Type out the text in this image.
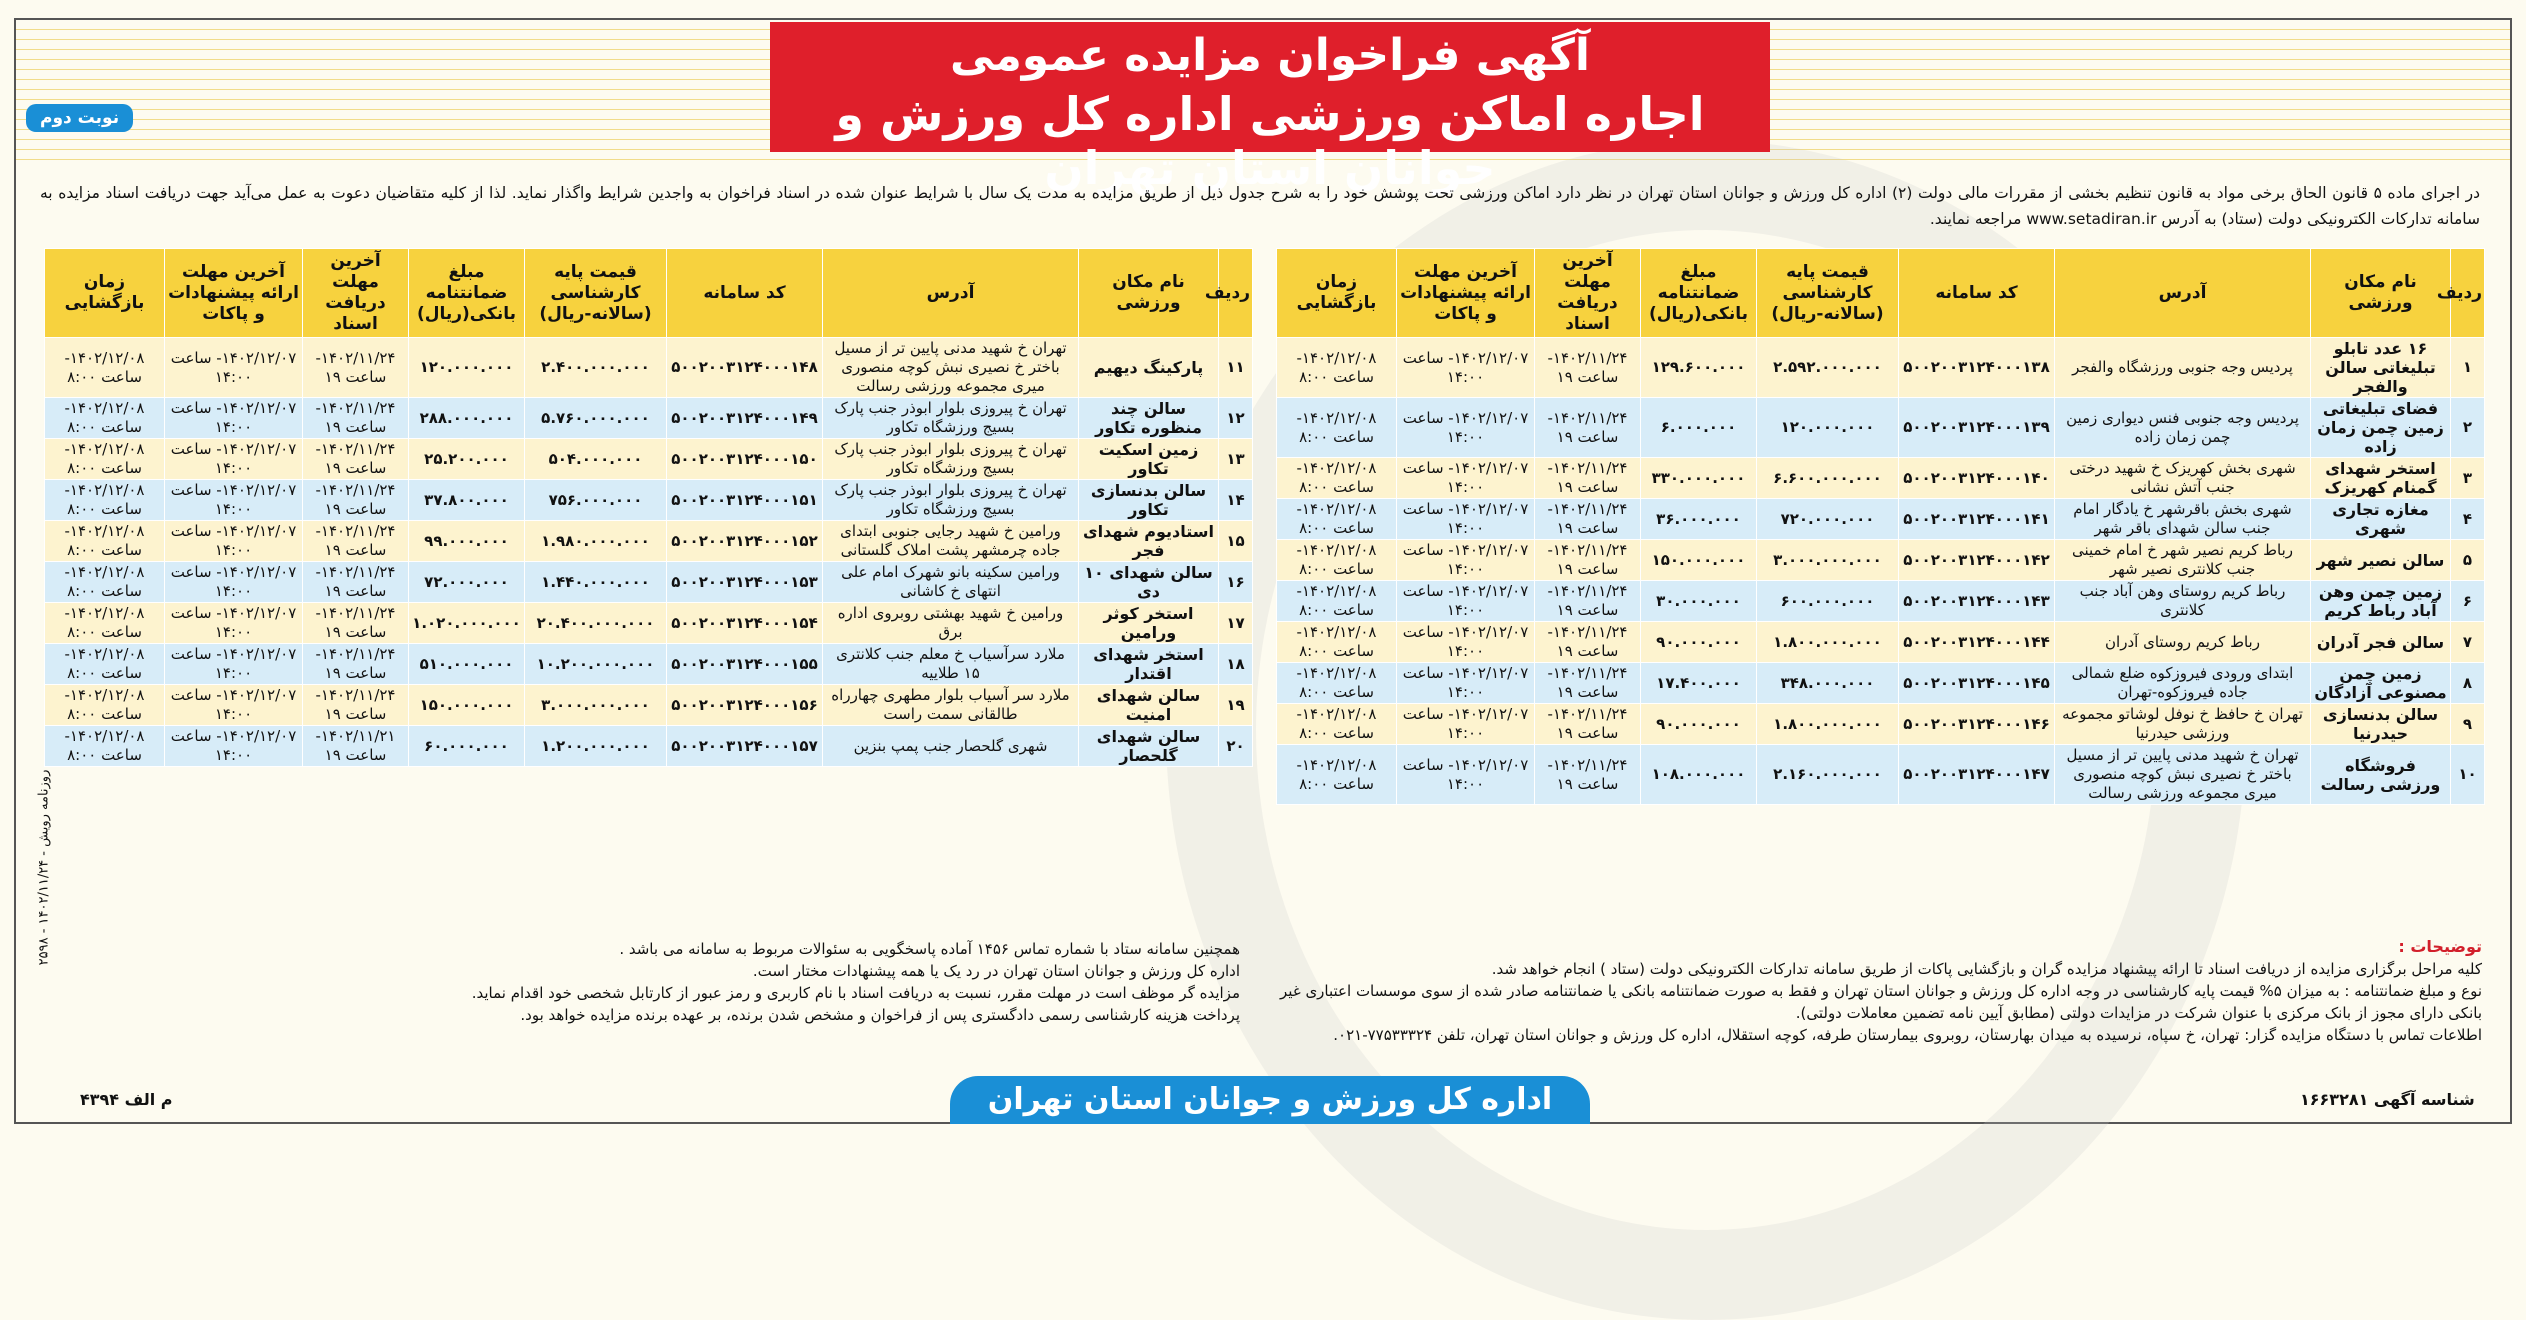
آگهی فراخوان مزایده عمومی
اجاره اماکن ورزشی اداره کل ورزش و جوانان استان تهران
نوبت دوم
در اجرای ماده ۵ قانون الحاق برخی مواد به قانون تنظیم بخشی از مقررات مالی دولت (۲) اداره کل ورزش و جوانان استان تهران در نظر دارد اماکن ورزشی تحت پوشش خود را به شرح جدول ذیل از طریق مزایده به مدت یک سال با شرایط عنوان شده در اسناد فراخوان به واجدین شرایط واگذار نماید. لذا از کلیه متقاضیان دعوت به عمل می‌آید جهت دریافت اسناد مزایده به سامانه تدارکات الکترونیکی دولت (ستاد) به آدرس www.setadiran.ir مراجعه نمایند.
ردیف	نام مکان ورزشی	آدرس	کد سامانه	قیمت پایه کارشناسی (سالانه-ریال)	مبلغ ضمانتنامه بانکی(ریال)	آخرین مهلت دریافت اسناد	آخرین مهلت ارائه پیشنهادات و پاکات	زمان بازگشایی
۱	۱۶ عدد تابلو تبلیغاتی سالن والفجر	پردیس وجه جنوبی ورزشگاه والفجر	۵۰۰۲۰۰۳۱۲۴۰۰۰۱۳۸	۲.۵۹۲.۰۰۰.۰۰۰	۱۲۹.۶۰۰.۰۰۰	۱۴۰۲/۱۱/۲۴- ساعت ۱۹	۱۴۰۲/۱۲/۰۷- ساعت ۱۴:۰۰	۱۴۰۲/۱۲/۰۸- ساعت ۸:۰۰
۲	فضای تبلیغاتی زمین چمن زمان زاده	پردیس وجه جنوبی فنس دیواری زمین چمن زمان زاده	۵۰۰۲۰۰۳۱۲۴۰۰۰۱۳۹	۱۲۰.۰۰۰.۰۰۰	۶.۰۰۰.۰۰۰	۱۴۰۲/۱۱/۲۴- ساعت ۱۹	۱۴۰۲/۱۲/۰۷- ساعت ۱۴:۰۰	۱۴۰۲/۱۲/۰۸- ساعت ۸:۰۰
۳	استخر شهدای گمنام کهریزک	شهری بخش کهریزک خ شهید درختی جنب آتش نشانی	۵۰۰۲۰۰۳۱۲۴۰۰۰۱۴۰	۶.۶۰۰.۰۰۰.۰۰۰	۳۳۰.۰۰۰.۰۰۰	۱۴۰۲/۱۱/۲۴- ساعت ۱۹	۱۴۰۲/۱۲/۰۷- ساعت ۱۴:۰۰	۱۴۰۲/۱۲/۰۸- ساعت ۸:۰۰
۴	مغازه تجاری شهری	شهری بخش باقرشهر خ یادگار امام جنب سالن شهدای باقر شهر	۵۰۰۲۰۰۳۱۲۴۰۰۰۱۴۱	۷۲۰.۰۰۰.۰۰۰	۳۶.۰۰۰.۰۰۰	۱۴۰۲/۱۱/۲۴- ساعت ۱۹	۱۴۰۲/۱۲/۰۷- ساعت ۱۴:۰۰	۱۴۰۲/۱۲/۰۸- ساعت ۸:۰۰
۵	سالن نصیر شهر	رباط کریم نصیر شهر خ امام خمینی جنب کلانتری نصیر شهر	۵۰۰۲۰۰۳۱۲۴۰۰۰۱۴۲	۳.۰۰۰.۰۰۰.۰۰۰	۱۵۰.۰۰۰.۰۰۰	۱۴۰۲/۱۱/۲۴- ساعت ۱۹	۱۴۰۲/۱۲/۰۷- ساعت ۱۴:۰۰	۱۴۰۲/۱۲/۰۸- ساعت ۸:۰۰
۶	زمین چمن وهن آباد رباط کریم	رباط کریم روستای وهن آباد جنب کلانتری	۵۰۰۲۰۰۳۱۲۴۰۰۰۱۴۳	۶۰۰.۰۰۰.۰۰۰	۳۰.۰۰۰.۰۰۰	۱۴۰۲/۱۱/۲۴- ساعت ۱۹	۱۴۰۲/۱۲/۰۷- ساعت ۱۴:۰۰	۱۴۰۲/۱۲/۰۸- ساعت ۸:۰۰
۷	سالن فجر آدران	رباط کریم روستای آدران	۵۰۰۲۰۰۳۱۲۴۰۰۰۱۴۴	۱.۸۰۰.۰۰۰.۰۰۰	۹۰.۰۰۰.۰۰۰	۱۴۰۲/۱۱/۲۴- ساعت ۱۹	۱۴۰۲/۱۲/۰۷- ساعت ۱۴:۰۰	۱۴۰۲/۱۲/۰۸- ساعت ۸:۰۰
۸	زمین چمن مصنوعی آزادگان	ابتدای ورودی فیروزکوه ضلع شمالی جاده فیروزکوه-تهران	۵۰۰۲۰۰۳۱۲۴۰۰۰۱۴۵	۳۴۸.۰۰۰.۰۰۰	۱۷.۴۰۰.۰۰۰	۱۴۰۲/۱۱/۲۴- ساعت ۱۹	۱۴۰۲/۱۲/۰۷- ساعت ۱۴:۰۰	۱۴۰۲/۱۲/۰۸- ساعت ۸:۰۰
۹	سالن بدنسازی حیدرنیا	تهران خ حافظ خ نوفل لوشاتو مجموعه ورزشی حیدرنیا	۵۰۰۲۰۰۳۱۲۴۰۰۰۱۴۶	۱.۸۰۰.۰۰۰.۰۰۰	۹۰.۰۰۰.۰۰۰	۱۴۰۲/۱۱/۲۴- ساعت ۱۹	۱۴۰۲/۱۲/۰۷- ساعت ۱۴:۰۰	۱۴۰۲/۱۲/۰۸- ساعت ۸:۰۰
۱۰	فروشگاه ورزشی رسالت	تهران خ شهید مدنی پایین تر از مسیل باختر خ نصیری نبش کوچه منصوری میری مجموعه ورزشی رسالت	۵۰۰۲۰۰۳۱۲۴۰۰۰۱۴۷	۲.۱۶۰.۰۰۰.۰۰۰	۱۰۸.۰۰۰.۰۰۰	۱۴۰۲/۱۱/۲۴- ساعت ۱۹	۱۴۰۲/۱۲/۰۷- ساعت ۱۴:۰۰	۱۴۰۲/۱۲/۰۸- ساعت ۸:۰۰
ردیف	نام مکان ورزشی	آدرس	کد سامانه	قیمت پایه کارشناسی (سالانه-ریال)	مبلغ ضمانتنامه بانکی(ریال)	آخرین مهلت دریافت اسناد	آخرین مهلت ارائه پیشنهادات و پاکات	زمان بازگشایی
۱۱	پارکینگ دیهیم	تهران خ شهید مدنی پایین تر از مسیل باختر خ نصیری نبش کوچه منصوری میری مجموعه ورزشی رسالت	۵۰۰۲۰۰۳۱۲۴۰۰۰۱۴۸	۲.۴۰۰.۰۰۰.۰۰۰	۱۲۰.۰۰۰.۰۰۰	۱۴۰۲/۱۱/۲۴- ساعت ۱۹	۱۴۰۲/۱۲/۰۷- ساعت ۱۴:۰۰	۱۴۰۲/۱۲/۰۸- ساعت ۸:۰۰
۱۲	سالن چند منظوره تکاور	تهران خ پیروزی بلوار ابوذر جنب پارک بسیج ورزشگاه تکاور	۵۰۰۲۰۰۳۱۲۴۰۰۰۱۴۹	۵.۷۶۰.۰۰۰.۰۰۰	۲۸۸.۰۰۰.۰۰۰	۱۴۰۲/۱۱/۲۴- ساعت ۱۹	۱۴۰۲/۱۲/۰۷- ساعت ۱۴:۰۰	۱۴۰۲/۱۲/۰۸- ساعت ۸:۰۰
۱۳	زمین اسکیت تکاور	تهران خ پیروزی بلوار ابوذر جنب پارک بسیج ورزشگاه تکاور	۵۰۰۲۰۰۳۱۲۴۰۰۰۱۵۰	۵۰۴.۰۰۰.۰۰۰	۲۵.۲۰۰.۰۰۰	۱۴۰۲/۱۱/۲۴- ساعت ۱۹	۱۴۰۲/۱۲/۰۷- ساعت ۱۴:۰۰	۱۴۰۲/۱۲/۰۸- ساعت ۸:۰۰
۱۴	سالن بدنسازی تکاور	تهران خ پیروزی بلوار ابوذر جنب پارک بسیج ورزشگاه تکاور	۵۰۰۲۰۰۳۱۲۴۰۰۰۱۵۱	۷۵۶.۰۰۰.۰۰۰	۳۷.۸۰۰.۰۰۰	۱۴۰۲/۱۱/۲۴- ساعت ۱۹	۱۴۰۲/۱۲/۰۷- ساعت ۱۴:۰۰	۱۴۰۲/۱۲/۰۸- ساعت ۸:۰۰
۱۵	استادیوم شهدای فجر	ورامین خ شهید رجایی جنوبی ابتدای جاده چرمشهر پشت املاک گلستانی	۵۰۰۲۰۰۳۱۲۴۰۰۰۱۵۲	۱.۹۸۰.۰۰۰.۰۰۰	۹۹.۰۰۰.۰۰۰	۱۴۰۲/۱۱/۲۴- ساعت ۱۹	۱۴۰۲/۱۲/۰۷- ساعت ۱۴:۰۰	۱۴۰۲/۱۲/۰۸- ساعت ۸:۰۰
۱۶	سالن شهدای ۱۰ دی	ورامین سکینه بانو شهرک امام علی انتهای خ کاشانی	۵۰۰۲۰۰۳۱۲۴۰۰۰۱۵۳	۱.۴۴۰.۰۰۰.۰۰۰	۷۲.۰۰۰.۰۰۰	۱۴۰۲/۱۱/۲۴- ساعت ۱۹	۱۴۰۲/۱۲/۰۷- ساعت ۱۴:۰۰	۱۴۰۲/۱۲/۰۸- ساعت ۸:۰۰
۱۷	استخر کوثر ورامین	ورامین خ شهید بهشتی روبروی اداره برق	۵۰۰۲۰۰۳۱۲۴۰۰۰۱۵۴	۲۰.۴۰۰.۰۰۰.۰۰۰	۱.۰۲۰.۰۰۰.۰۰۰	۱۴۰۲/۱۱/۲۴- ساعت ۱۹	۱۴۰۲/۱۲/۰۷- ساعت ۱۴:۰۰	۱۴۰۲/۱۲/۰۸- ساعت ۸:۰۰
۱۸	استخر شهدای اقتدار	ملارد سرآسیاب خ معلم جنب کلانتری ۱۵ طلاییه	۵۰۰۲۰۰۳۱۲۴۰۰۰۱۵۵	۱۰.۲۰۰.۰۰۰.۰۰۰	۵۱۰.۰۰۰.۰۰۰	۱۴۰۲/۱۱/۲۴- ساعت ۱۹	۱۴۰۲/۱۲/۰۷- ساعت ۱۴:۰۰	۱۴۰۲/۱۲/۰۸- ساعت ۸:۰۰
۱۹	سالن شهدای امنیت	ملارد سر آسیاب بلوار مطهری چهارراه طالقانی سمت راست	۵۰۰۲۰۰۳۱۲۴۰۰۰۱۵۶	۳.۰۰۰.۰۰۰.۰۰۰	۱۵۰.۰۰۰.۰۰۰	۱۴۰۲/۱۱/۲۴- ساعت ۱۹	۱۴۰۲/۱۲/۰۷- ساعت ۱۴:۰۰	۱۴۰۲/۱۲/۰۸- ساعت ۸:۰۰
۲۰	سالن شهدای گلحصار	شهری گلحصار جنب پمپ بنزین	۵۰۰۲۰۰۳۱۲۴۰۰۰۱۵۷	۱.۲۰۰.۰۰۰.۰۰۰	۶۰.۰۰۰.۰۰۰	۱۴۰۲/۱۱/۲۱- ساعت ۱۹	۱۴۰۲/۱۲/۰۷- ساعت ۱۴:۰۰	۱۴۰۲/۱۲/۰۸- ساعت ۸:۰۰
توضیحات :
کلیه مراحل برگزاری مزایده از دریافت اسناد تا ارائه پیشنهاد مزایده گران و بازگشایی پاکات از طریق سامانه تدارکات الکترونیکی دولت (ستاد ) انجام خواهد شد.
نوع و مبلغ ضمانتنامه : به میزان ۵% قیمت پایه کارشناسی در وجه اداره کل ورزش و جوانان استان تهران و فقط به صورت ضمانتنامه بانکی یا ضمانتنامه صادر شده از سوی موسسات اعتباری غیر بانکی دارای مجوز از بانک مرکزی با عنوان شرکت در مزایدات دولتی (مطابق آیین نامه تضمین معاملات دولتی).
اطلاعات تماس با دستگاه مزایده گزار: تهران، خ سپاه، نرسیده به میدان بهارستان، روبروی بیمارستان طرفه، کوچه استقلال، اداره کل ورزش و جوانان استان تهران، تلفن ۷۷۵۳۳۳۲۴-۰۲۱.
همچنین سامانه ستاد با شماره تماس ۱۴۵۶ آماده پاسخگویی به سئوالات مربوط به سامانه می باشد .
اداره کل ورزش و جوانان استان تهران در رد یک یا همه پیشنهادات مختار است.
مزایده گر موظف است در مهلت مقرر، نسبت به دریافت اسناد با نام کاربری و رمز عبور از کارتابل شخصی خود اقدام نماید.
پرداخت هزینه کارشناسی رسمی دادگستری پس از فراخوان و مشخص شدن برنده، بر عهده برنده مزایده خواهد بود.
اداره کل ورزش و جوانان استان تهران	شناسه آگهی ۱۶۶۳۲۸۱
م الف ۴۳۹۴
روزنامه رویش - ۱۴۰۲/۱۱/۲۴ - ۲۵۹۸
